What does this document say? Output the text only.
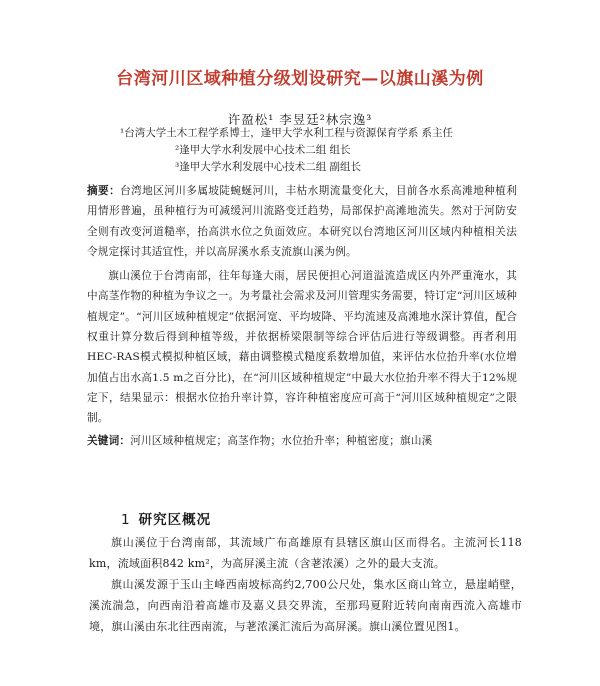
台湾河川区域种植分级划设研究—以旗山溪为例
许盈松¹ 李昱廷²林宗逸³
¹台湾大学土木工程学系博士，逢甲大学水利工程与资源保育学系 系主任
²逢甲大学水利发展中心技术二组 组长
³逢甲大学水利发展中心技术二组 副组长

摘要：台湾地区河川多属坡陡蜿蜒河川，丰枯水期流量变化大，目前各水系高滩地种植利用情形普遍，虽种植行为可减缓河川流路变迁趋势，局部保护高滩地流失。然对于河防安全则有改变河道糙率，抬高洪水位之负面效应。本研究以台湾地区河川区域内种植相关法令规定探讨其适宜性，并以高屏溪水系支流旗山溪为例。

旗山溪位于台湾南部，往年每逢大雨，居民便担心河道溢流造成区内外严重淹水，其中高茎作物的种植为争议之一。为考量社会需求及河川管理实务需要，特订定“河川区域种植规定”。“河川区域种植规定”依据河宽、平均坡降、平均流速及高滩地水深计算值，配合权重计算分数后得到种植等级，并依据桥梁限制等综合评估后进行等级调整。再者利用HEC-RAS模式模拟种植区域，藉由调整模式糙度系数增加值，来评估水位抬升率(水位增加值占出水高1.5 m之百分比)，在“河川区域种植规定”中最大水位抬升率不得大于12%规定下，结果显示：根据水位抬升率计算，容许种植密度应可高于“河川区域种植规定”之限制。

关键词：河川区域种植规定；高茎作物；水位抬升率；种植密度；旗山溪

1 研究区概况

旗山溪位于台湾南部，其流域广布高雄原有县辖区旗山区而得名。主流河长118 km，流域面积842 km²，为高屏溪主流（含荖浓溪）之外的最大支流。

旗山溪发源于玉山主峰西南坡标高约2,700公尺处，集水区商山耸立，悬崖峭壁，溪流湍急，向西南沿着高雄市及嘉义县交界流，至那玛夏附近转向南南西流入高雄市境，旗山溪由东北往西南流，与荖浓溪汇流后为高屏溪。旗山溪位置见图1。
